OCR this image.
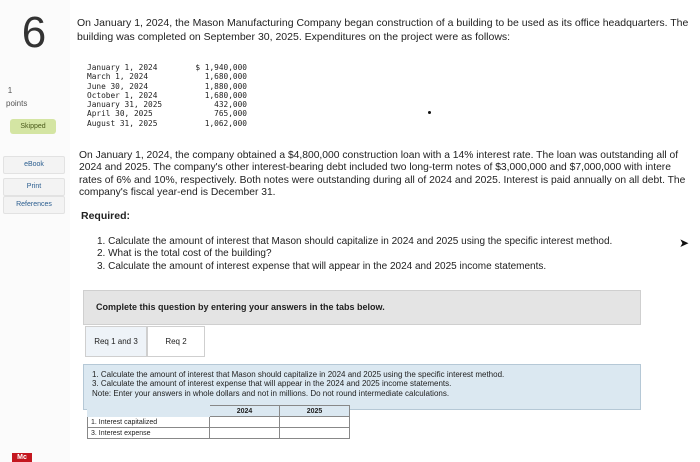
6
1
points
Skipped
eBook
Print
References
Mc
On January 1, 2024, the Mason Manufacturing Company began construction of a building to be used as its office headquarters. The
building was completed on September 30, 2025. Expenditures on the project were as follows:
January 1, 2024	$ 1,940,000
March 1, 2024	1,680,000
June 30, 2024	1,880,000
October 1, 2024	1,680,000
January 31, 2025	432,000
April 30, 2025	765,000
August 31, 2025	1,062,000
On January 1, 2024, the company obtained a $4,800,000 construction loan with a 14% interest rate. The loan was outstanding all of
2024 and 2025. The company's other interest-bearing debt included two long-term notes of $3,000,000 and $7,000,000 with intere
rates of 6% and 10%, respectively. Both notes were outstanding during all of 2024 and 2025. Interest is paid annually on all debt. The
company's fiscal year-end is December 31.
Required:
1. Calculate the amount of interest that Mason should capitalize in 2024 and 2025 using the specific interest method.
2. What is the total cost of the building?
3. Calculate the amount of interest expense that will appear in the 2024 and 2025 income statements.
➤
Complete this question by entering your answers in the tabs below.
Req 1 and 3	Req 2
1. Calculate the amount of interest that Mason should capitalize in 2024 and 2025 using the specific interest method.
3. Calculate the amount of interest expense that will appear in the 2024 and 2025 income statements.
Note: Enter your answers in whole dollars and not in millions. Do not round intermediate calculations.
	2024	2025
1. Interest capitalized		
3. Interest expense		
